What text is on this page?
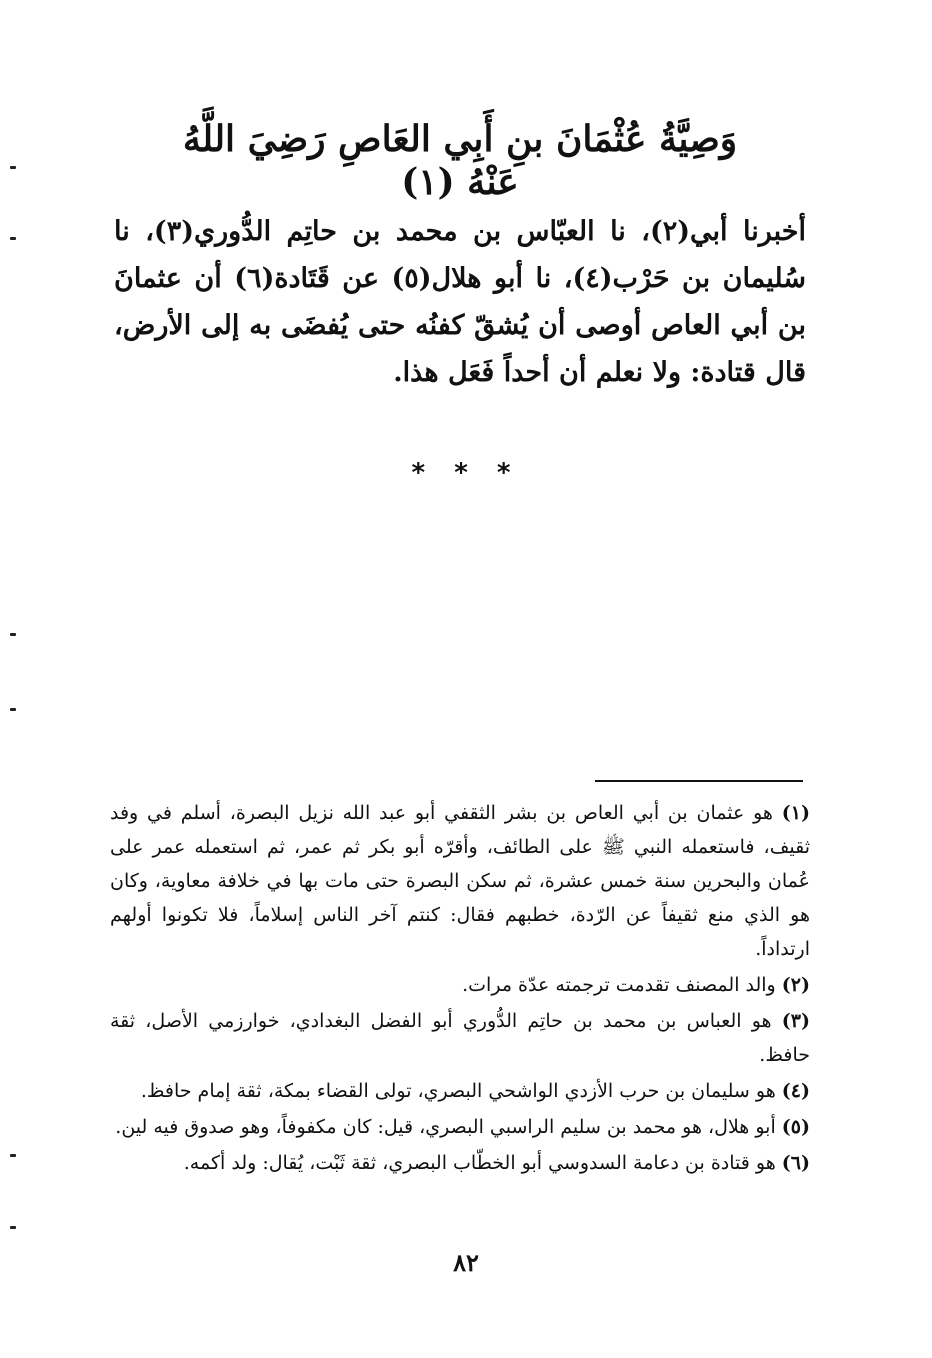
وَصِيَّةُ عُثْمَانَ بنِ أَبِي العَاصِ رَضِيَ اللَّهُ عَنْهُ (١)

أخبرنا أبي(٢)، نا العبّاس بن محمد بن حاتِم الدُّوري(٣)، نا سُليمان بن حَرْب(٤)، نا أبو هلال(٥) عن قَتَادة(٦) أن عثمانَ بن أبي العاص أوصى أن يُشقّ كفنُه حتى يُفضَى به إلى الأرض، قال قتادة: ولا نعلم أن أحداً فَعَل هذا.

* * *

(١) هو عثمان بن أبي العاص بن بشر الثقفي أبو عبد الله نزيل البصرة، أسلم في وفد ثقيف، فاستعمله النبي ﷺ على الطائف، وأقرّه أبو بكر ثم عمر، ثم استعمله عمر على عُمان والبحرين سنة خمس عشرة، ثم سكن البصرة حتى مات بها في خلافة معاوية، وكان هو الذي منع ثقيفاً عن الرّدة، خطبهم فقال: كنتم آخر الناس إسلاماً، فلا تكونوا أولهم ارتداداً.

(٢) والد المصنف تقدمت ترجمته عدّة مرات.

(٣) هو العباس بن محمد بن حاتِم الدُّوري أبو الفضل البغدادي، خوارزمي الأصل، ثقة حافظ.

(٤) هو سليمان بن حرب الأزدي الواشحي البصري، تولى القضاء بمكة، ثقة إمام حافظ.

(٥) أبو هلال، هو محمد بن سليم الراسبي البصري، قيل: كان مكفوفاً، وهو صدوق فيه لين.

(٦) هو قتادة بن دعامة السدوسي أبو الخطّاب البصري، ثقة ثَبْت، يُقال: ولد أكمه.

٨٢
